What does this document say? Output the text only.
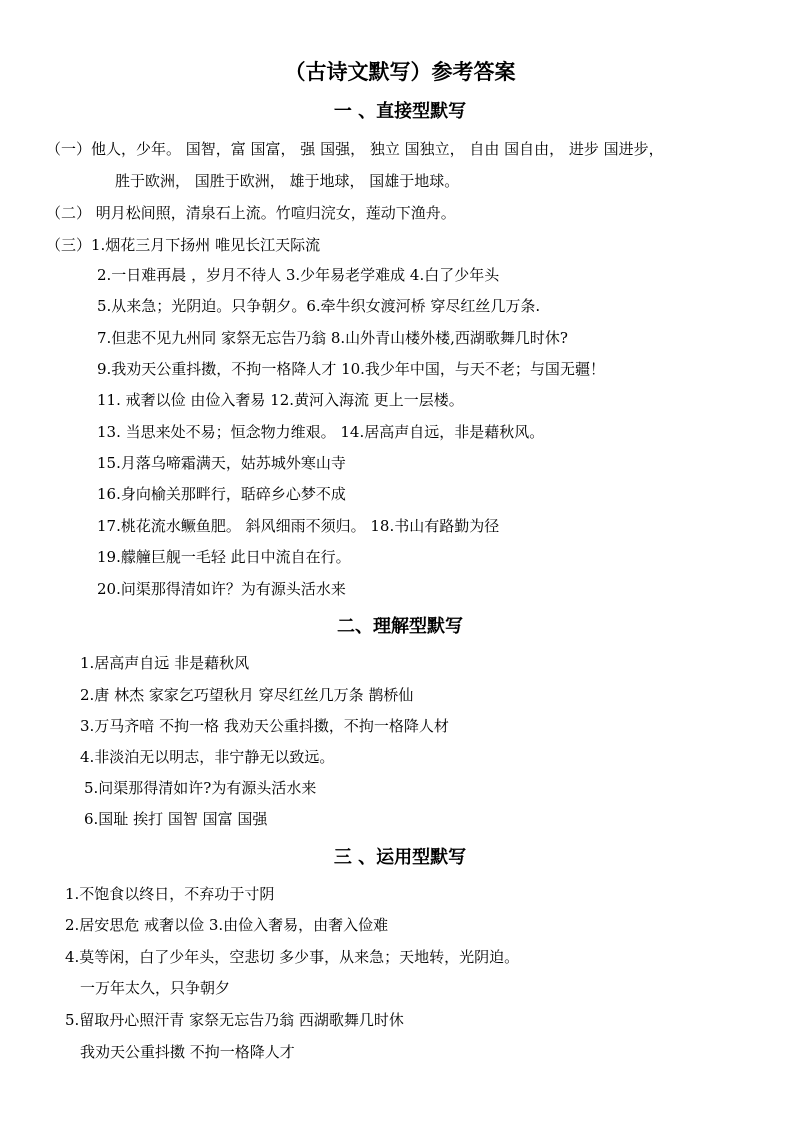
（古诗文默写）参考答案
一 、直接型默写
（一）他人，少年。 国智，富 国富， 强 国强， 独立 国独立， 自由 国自由， 进步 国进步，
胜于欧洲， 国胜于欧洲， 雄于地球， 国雄于地球。
（二） 明月松间照，清泉石上流。竹喧归浣女，莲动下渔舟。
（三）1.烟花三月下扬州 唯见长江天际流
2.一日难再晨 ，岁月不待人 3.少年易老学难成 4.白了少年头
5.从来急；光阴迫。只争朝夕。6.牵牛织女渡河桥 穿尽红丝几万条.
7.但悲不见九州同 家祭无忘告乃翁 8.山外青山楼外楼,西湖歌舞几时休?
9.我劝天公重抖擞，不拘一格降人才 10.我少年中国，与天不老；与国无疆！
11. 戒奢以俭 由俭入奢易 12.黄河入海流 更上一层楼。
13. 当思来处不易；恒念物力维艰。 14.居高声自远，非是藉秋风。
15.月落乌啼霜满天，姑苏城外寒山寺
16.身向榆关那畔行，聒碎乡心梦不成
17.桃花流水鳜鱼肥。 斜风细雨不须归。 18.书山有路勤为径
19.艨艟巨舰一毛轻 此日中流自在行。
20.问渠那得清如许？为有源头活水来
二、理解型默写
1.居高声自远 非是藉秋风
2.唐 林杰 家家乞巧望秋月 穿尽红丝几万条 鹊桥仙
3.万马齐喑 不拘一格 我劝天公重抖擞，不拘一格降人材
4.非淡泊无以明志，非宁静无以致远。
5.问渠那得清如许?为有源头活水来
6.国耻 挨打 国智 国富 国强
三 、运用型默写
1.不饱食以终日，不弃功于寸阴
2.居安思危 戒奢以俭 3.由俭入奢易，由奢入俭难
4.莫等闲，白了少年头，空悲切 多少事，从来急；天地转，光阴迫。
一万年太久，只争朝夕
5.留取丹心照汗青 家祭无忘告乃翁 西湖歌舞几时休
我劝天公重抖擞 不拘一格降人才
